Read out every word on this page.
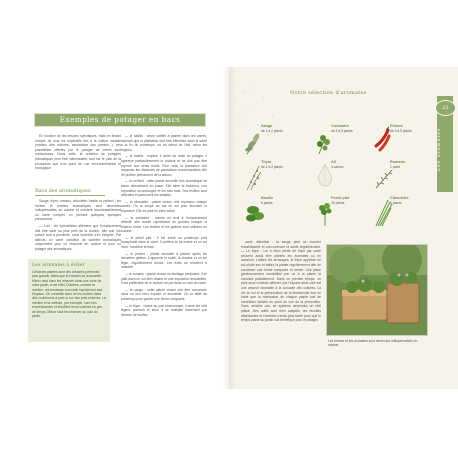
Exemples de potager en bacs

En fonction de les besoins spécifiques, mais en tenant compte de tous les impératifs liés à la culture durable (rotation des cultures, association des plantes...), ces possibilités offertes par le potager de carrés sont nombreuses. Dans celle, la création de potagers thématiques peut être intéressante, tant sur le plan de la production que d'un point de vue environnemental et écologique.

Bacs des aromatiques

Sauge, thym, romarin, ciboulette, basilic et cerfeuil : les herbes et plantes aromatiques sont devenues indispensables en cuisine et méritent incontestablement un carré complet, en prenant quelques quelques précautions.

— L'ail : les spécialistes affirment que l'emplacement doit être situé au plus près de la cuisine, afin que l'on puisse tout à proximité, sans toutefois s'en éloigner. Par ailleurs, un carré constitué de variétés aromatiques uniquement pour un réservoir en cuisine et pour un potager des aromatiques.

Les aromates à éviter
Certaines plantes sont des arbustes pérennes plus grands, telles que le romarin ou la lavande. Mieux vaut donc les réserver dans une zone de votre jardin, à cet effet. D'autres, comme la menthe, ont tendance à envahir rapidement tout l'espace. On conseille alors de les cultiver dans des contenants à part ou sur des pots enterrés. La menthe et la mélisse, par exemple, sont très envahissantes et étouffent leurs voisines en peu de temps. Mieux vaut les réserver au coin du jardin.

— le basilic : seule variété à planter dans les carrés, sachant que la plantation doit être effectuée dans le carré à la fin du printemps, ou au début de l'été, selon les régions.

— le basilic : espèce à isoler du reste du potager, il apprécie particulièrement la chaleur et ne doit pas être exposé aux vents froids. Pour cela, la plantation doit respecter les distances de plantations recommandées afin de profiter pleinement de la saison.

— le cerfeuil : cette plante annuelle très aromatique se sème directement en place. Elle aime la fraîcheur, une exposition mi-ombragée et les sols frais. Ses feuilles sont délicates et parfument les salades.

— la ciboulette : plante vivace, elle repousse chaque année. On la coupe au ras du sol pour favoriser la repousse. Elle se plaît en plein soleil.

— la coriandre : semée en avril à l'emplacement définitif, elle monte rapidement en graines lorsque la chaleur arrive. Les feuilles et les graines sont utilisées en cuisine.

— le persil plat : il est semé au printemps puis transplanté dans le carré. Il préfère la mi-ombre et un sol riche, humifère et frais.

— le piment : plante annuelle à planter après les dernières gelées, il apprécie le soleil, la chaleur et un sol léger, régulièrement arrosé. Les fruits se récoltent à maturité.

— le romarin : plante vivace au feuillage persistant, il se plaît dans un sol bien drainé et une exposition ensoleillée. Il est préférable de le cultiver en pot dans un coin du carré.

— la sauge : cette plante vivace doit être conservée dans un lieu bien exposé et ensoleillé. On la taille au printemps pour garder une forme compacte.

— le thym : vivace au port buissonnant, il aime les sols légers, pauvres et secs. Il se multiplie facilement par division de touffes.

Notre sélection d'aromates
Les aromates
23
Sauge
de 1 à 2 plants
Coriandre
de 3 à 5 plants
Piment
de 3 à 5 plants
Thym
de 1 à 2 plants
Ail
3 caïeux
Romarin
1 plant
Basilic
5 plants
Persil plat
30 plants
Ciboulette
6 plants

carré. Attention : la sauge peut se montrer envahissante et concurrencer la santé régulièrement. — Le thym : Lui à deux pieds de thym par carré peuvent aussi être plantés les aromates ou en automne. Limitez les arrosages, le thym apprécie un sol plutôt sec et taillez la plante régulièrement afin de conserver une forme compacte et dense. Une place généreusement ensoleillée par un à la plante la convient parfaitement. Dans ce premier temps, on peut sans contexte affirmer que l'espace ainsi créé est une amorce favorable à la conduite des cultures. La vie du sol et la préservation de la biodiversité font en sorte que la maturation de chaque plante soit de conditions idéales du point de vue de la prévention. Dans certains cas, ce système deviendra un réel plaisir. Des outils sont bien adaptés, les récoltes abondantes et l'entretien rendu plus facile pour que le temps passé au jardin soit bénéfique pour le potager.

Les herbes et les aromates sont devenues indispensables en cuisine.
